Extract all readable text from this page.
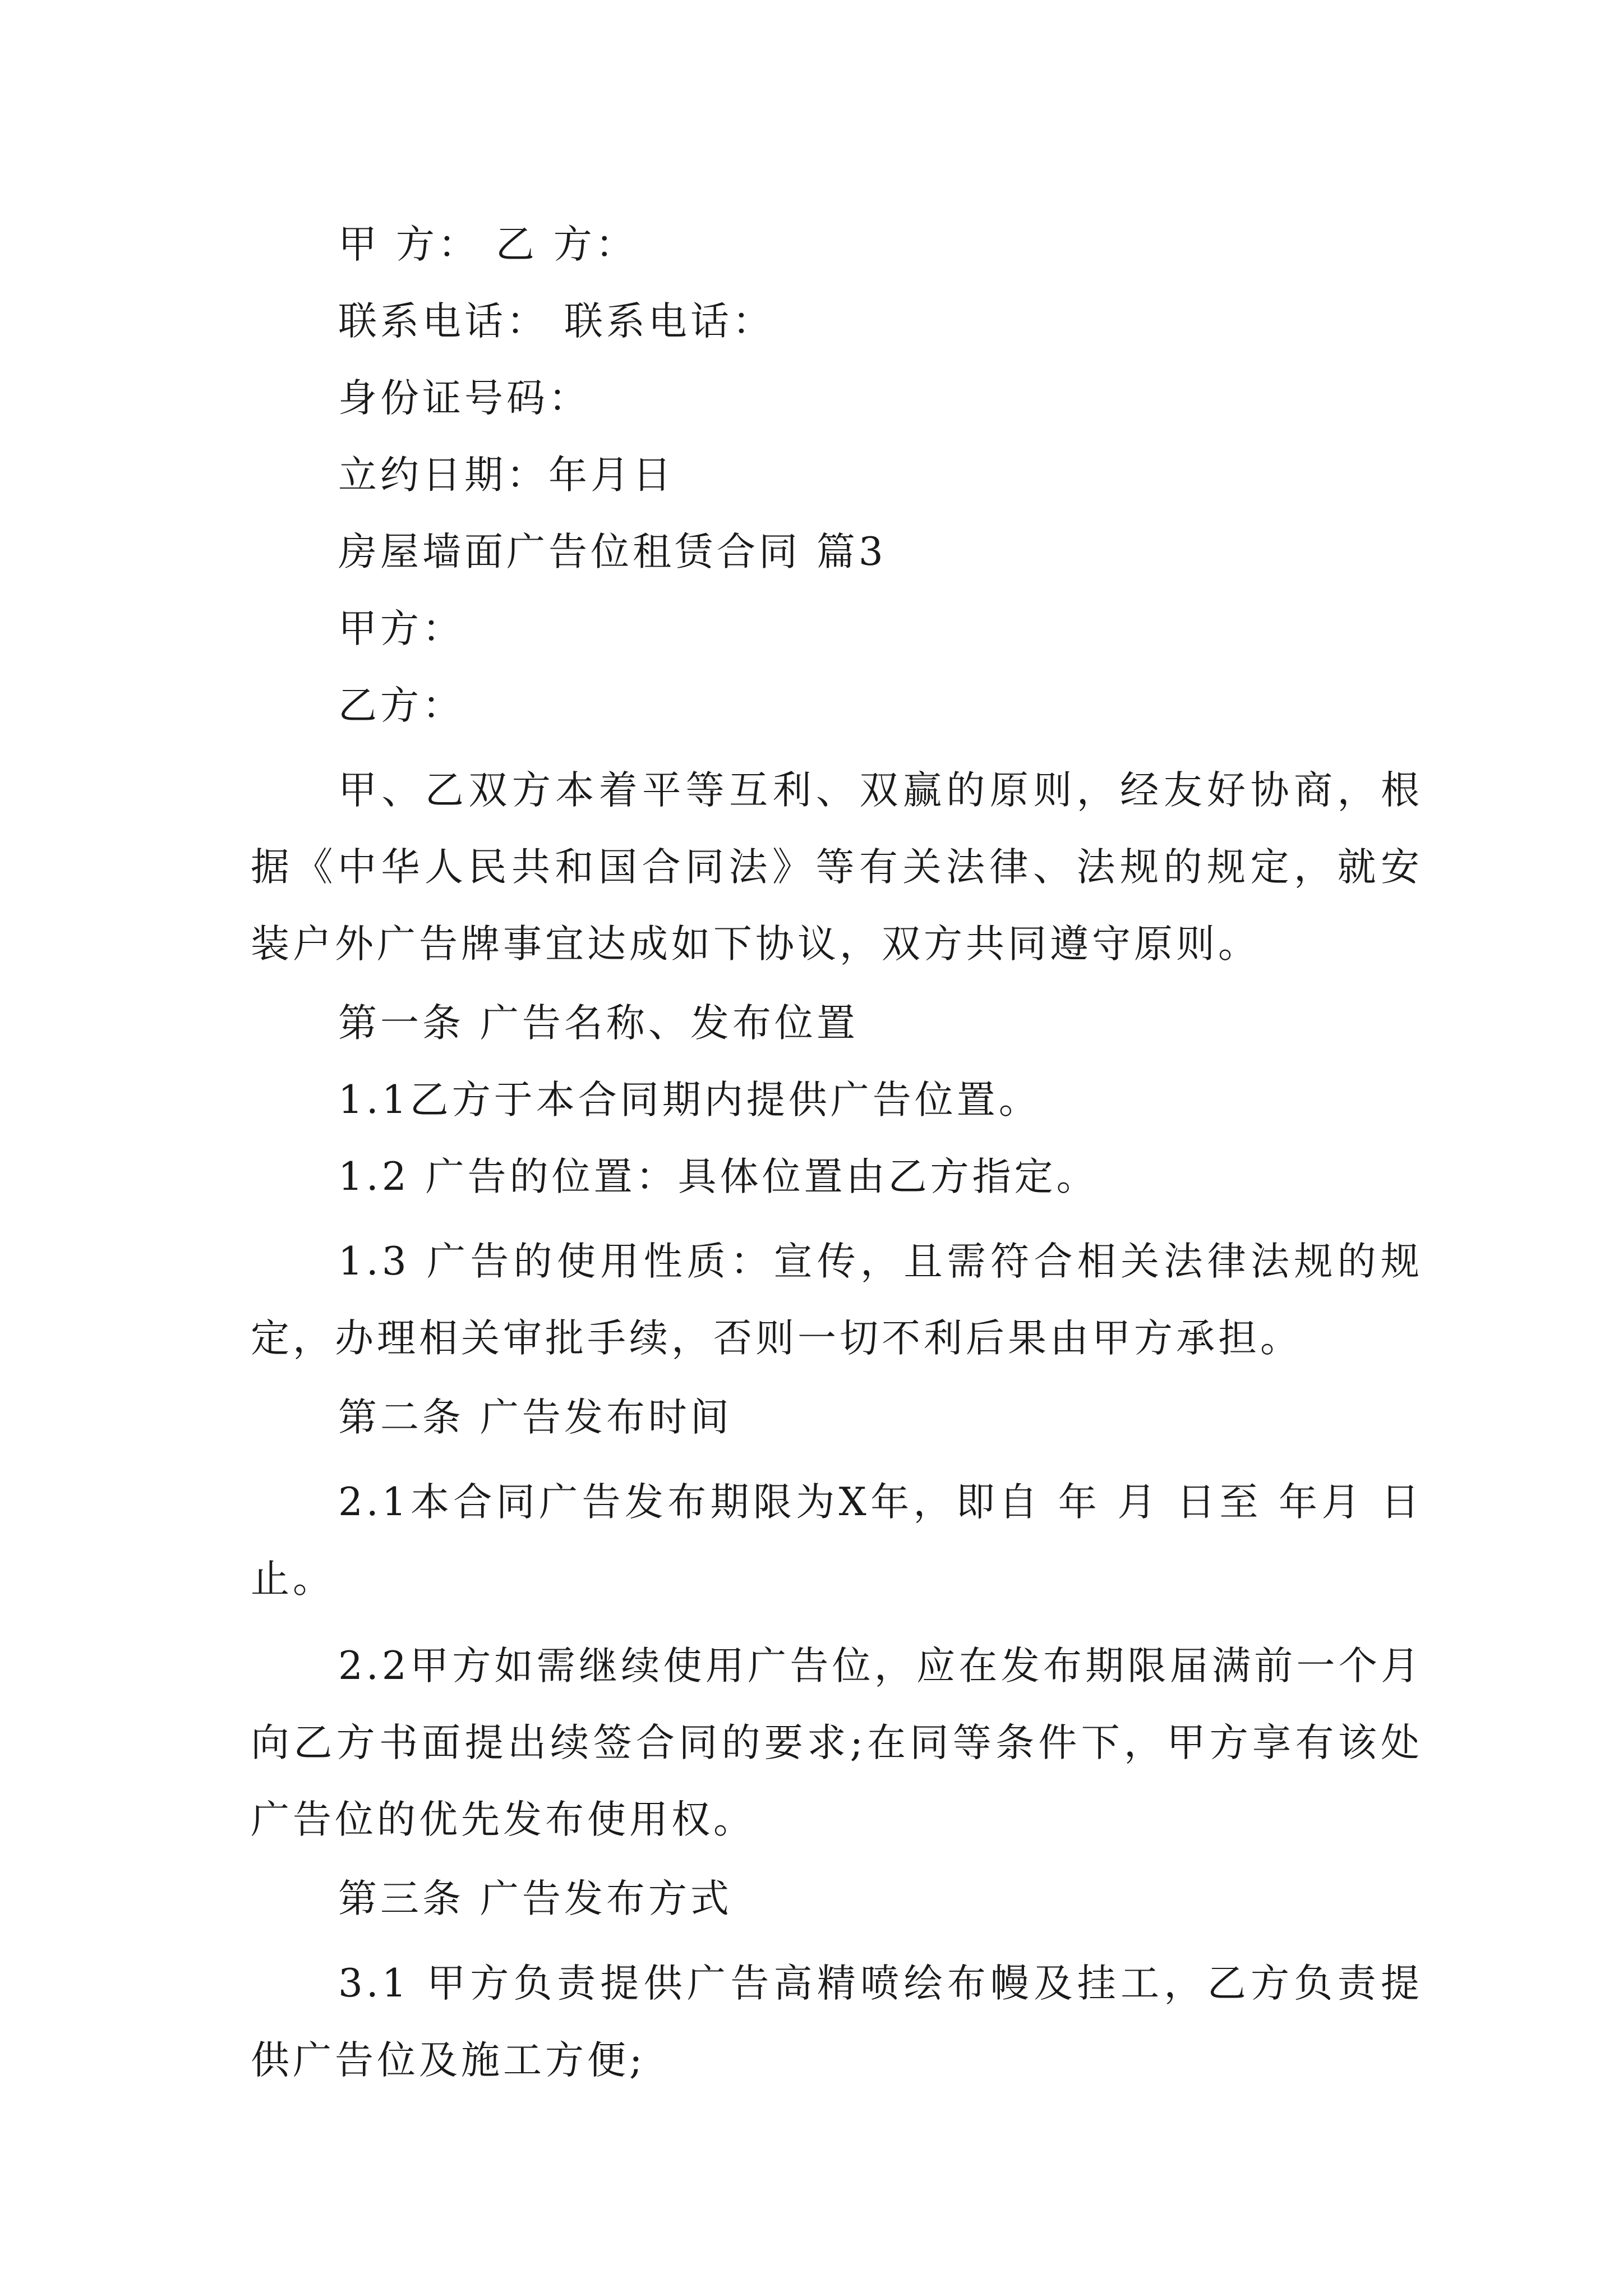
甲 方： 乙 方：
联系电话： 联系电话：
身份证号码：
立约日期：年月日
房屋墙面广告位租赁合同 篇3
甲方：
乙方：
甲、乙双方本着平等互利、双赢的原则，经友好协商，根据《中华人民共和国合同法》等有关法律、法规的规定，就安装户外广告牌事宜达成如下协议，双方共同遵守原则。
第一条 广告名称、发布位置
1.1乙方于本合同期内提供广告位置。
1.2 广告的位置：具体位置由乙方指定。
1.3 广告的使用性质：宣传，且需符合相关法律法规的规定，办理相关审批手续，否则一切不利后果由甲方承担。
第二条 广告发布时间
2.1本合同广告发布期限为X年，即自 年 月 日至 年月 日止。
2.2甲方如需继续使用广告位，应在发布期限届满前一个月向乙方书面提出续签合同的要求;在同等条件下，甲方享有该处广告位的优先发布使用权。
第三条 广告发布方式
3.1 甲方负责提供广告高精喷绘布幔及挂工，乙方负责提供广告位及施工方便;
